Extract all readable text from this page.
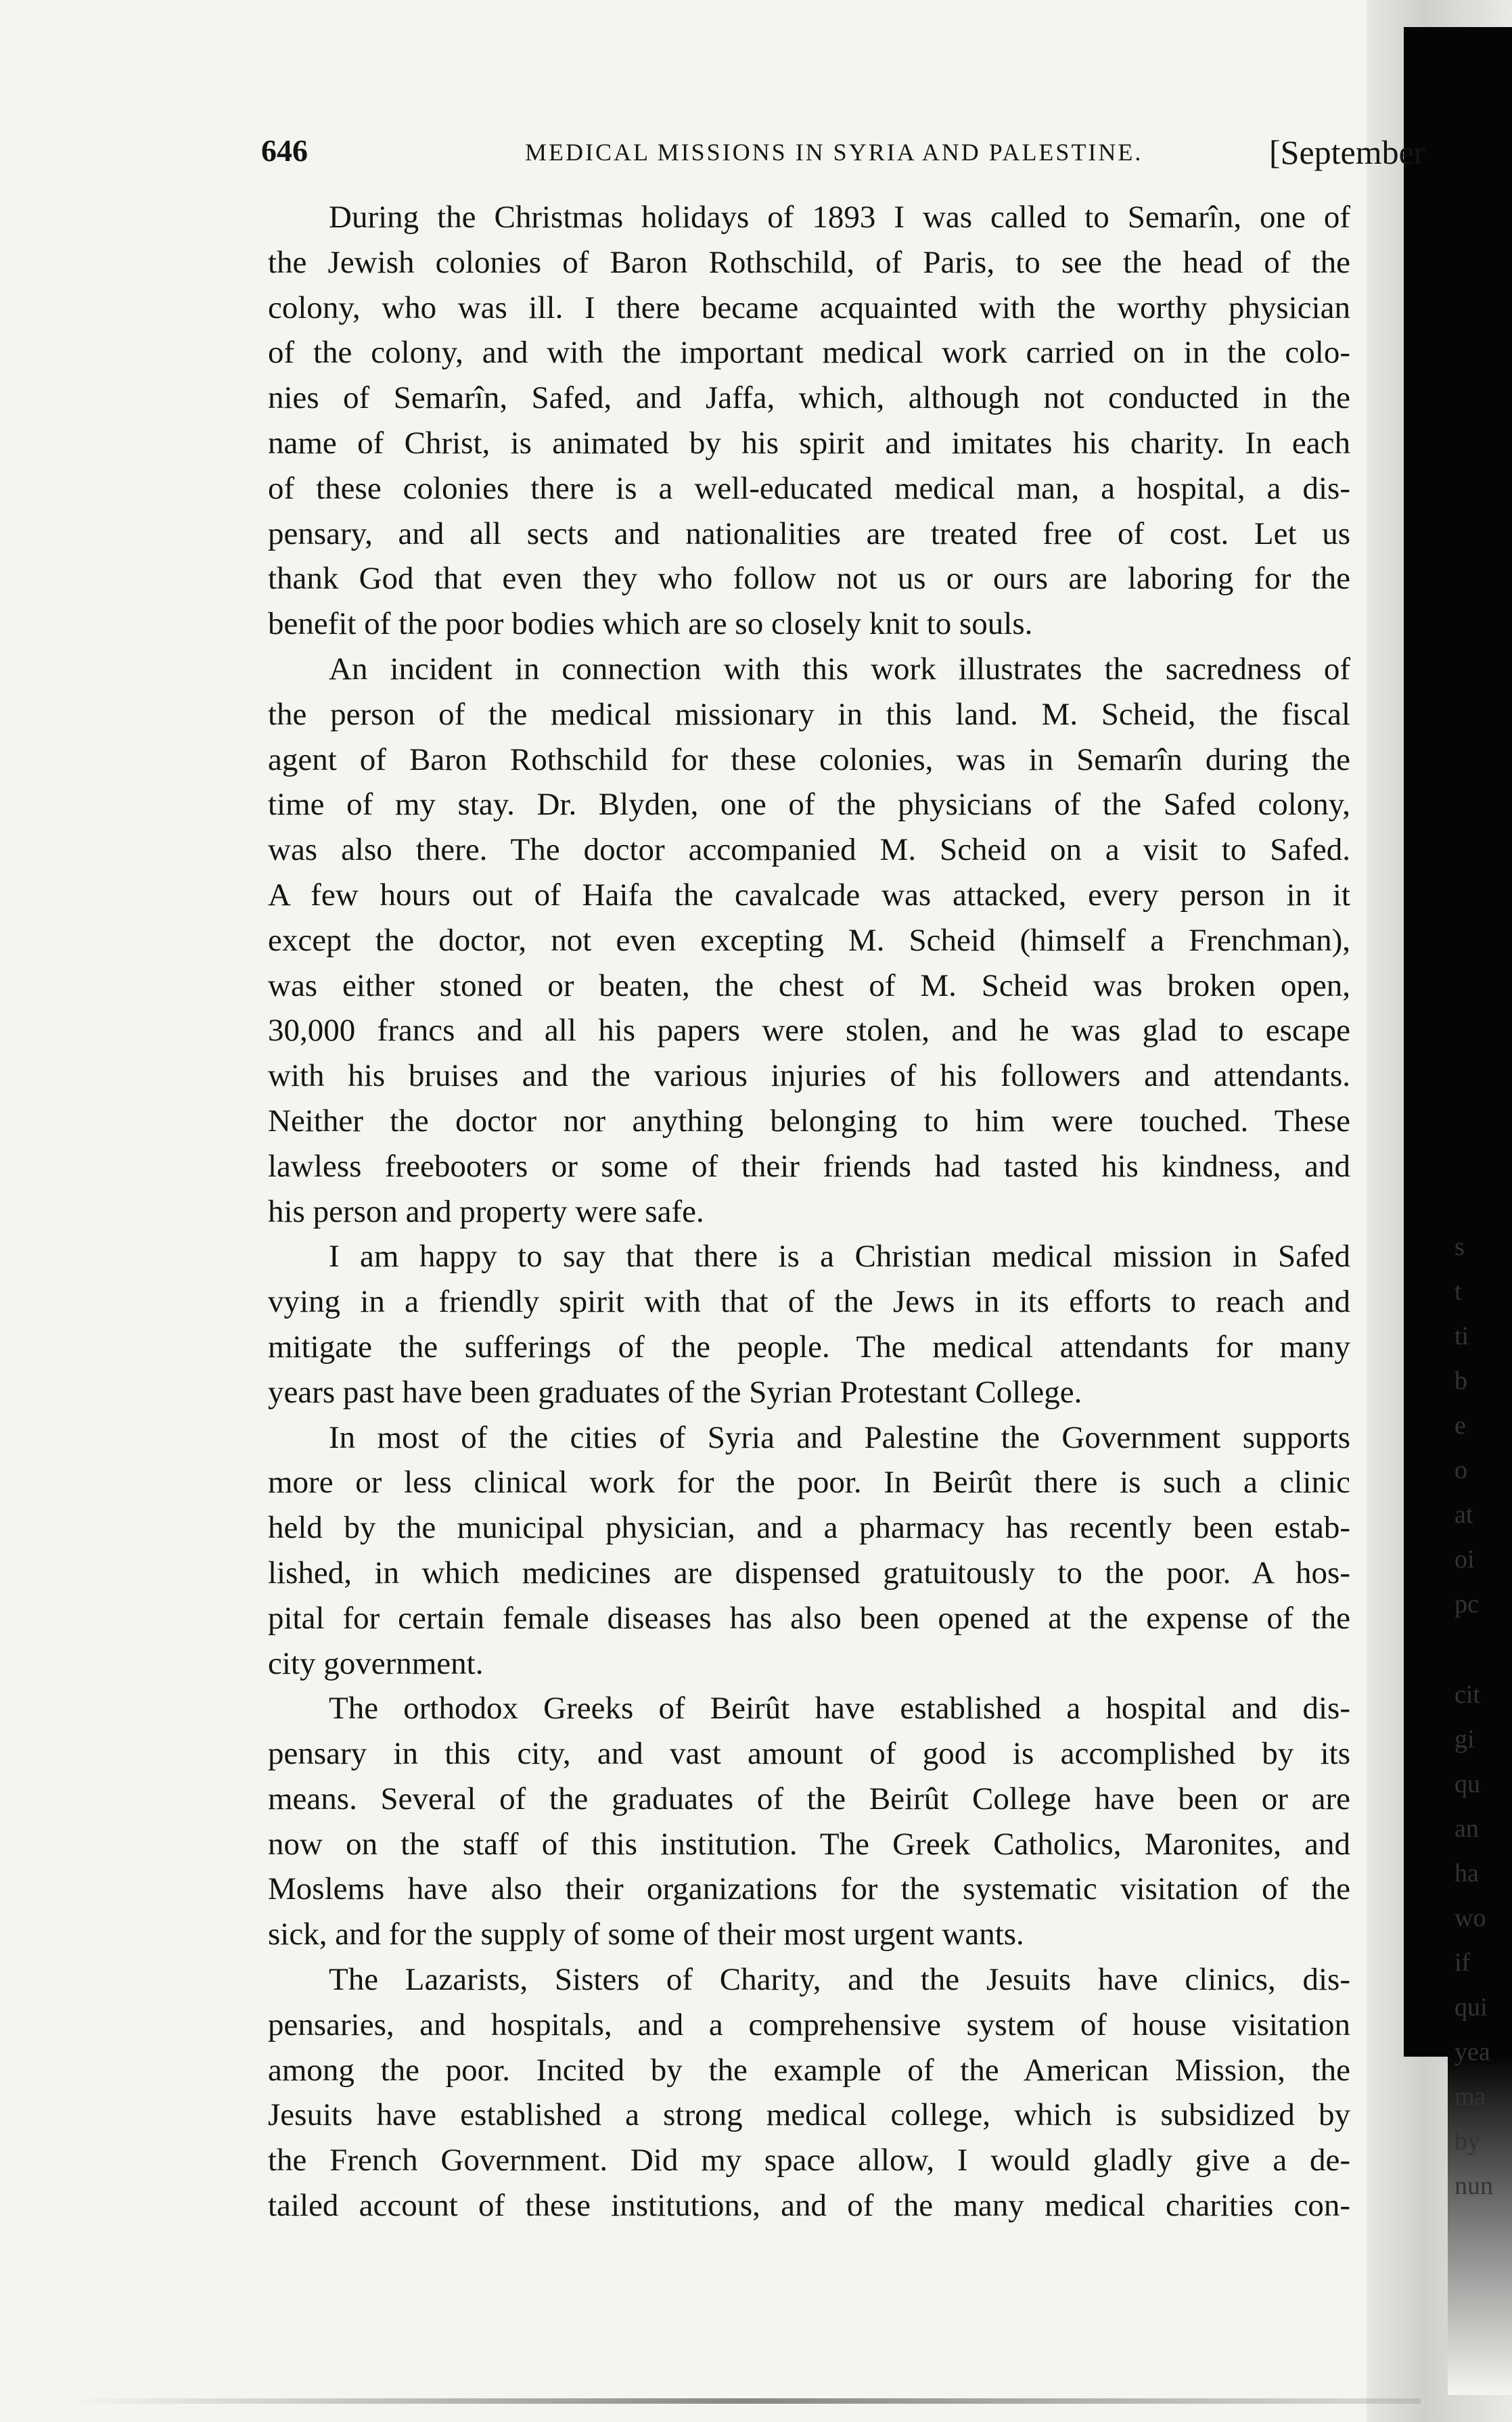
646	MEDICAL MISSIONS IN SYRIA AND PALESTINE.	[September
During the Christmas holidays of 1893 I was called to Semarîn, one of
the Jewish colonies of Baron Rothschild, of Paris, to see the head of the
colony, who was ill. I there became acquainted with the worthy physician
of the colony, and with the important medical work carried on in the colo-
nies of Semarîn, Safed, and Jaffa, which, although not conducted in the
name of Christ, is animated by his spirit and imitates his charity. In each
of these colonies there is a well-educated medical man, a hospital, a dis-
pensary, and all sects and nationalities are treated free of cost. Let us
thank God that even they who follow not us or ours are laboring for the
benefit of the poor bodies which are so closely knit to souls.
An incident in connection with this work illustrates the sacredness of
the person of the medical missionary in this land. M. Scheid, the fiscal
agent of Baron Rothschild for these colonies, was in Semarîn during the
time of my stay. Dr. Blyden, one of the physicians of the Safed colony,
was also there. The doctor accompanied M. Scheid on a visit to Safed.
A few hours out of Haifa the cavalcade was attacked, every person in it
except the doctor, not even excepting M. Scheid (himself a Frenchman),
was either stoned or beaten, the chest of M. Scheid was broken open,
30,000 francs and all his papers were stolen, and he was glad to escape
with his bruises and the various injuries of his followers and attendants.
Neither the doctor nor anything belonging to him were touched. These
lawless freebooters or some of their friends had tasted his kindness, and
his person and property were safe.
I am happy to say that there is a Christian medical mission in Safed
vying in a friendly spirit with that of the Jews in its efforts to reach and
mitigate the sufferings of the people. The medical attendants for many
years past have been graduates of the Syrian Protestant College.
In most of the cities of Syria and Palestine the Government supports
more or less clinical work for the poor. In Beirût there is such a clinic
held by the municipal physician, and a pharmacy has recently been estab-
lished, in which medicines are dispensed gratuitously to the poor. A hos-
pital for certain female diseases has also been opened at the expense of the
city government.
The orthodox Greeks of Beirût have established a hospital and dis-
pensary in this city, and vast amount of good is accomplished by its
means. Several of the graduates of the Beirût College have been or are
now on the staff of this institution. The Greek Catholics, Maronites, and
Moslems have also their organizations for the systematic visitation of the
sick, and for the supply of some of their most urgent wants.
The Lazarists, Sisters of Charity, and the Jesuits have clinics, dis-
pensaries, and hospitals, and a comprehensive system of house visitation
among the poor. Incited by the example of the American Mission, the
Jesuits have established a strong medical college, which is subsidized by
the French Government. Did my space allow, I would gladly give a de-
tailed account of these institutions, and of the many medical charities con-
s
t
ti
b
e
o
at
oi
pc
cit
gi
qu
an
ha
wo
if
qui
yea
ma
by
nun
